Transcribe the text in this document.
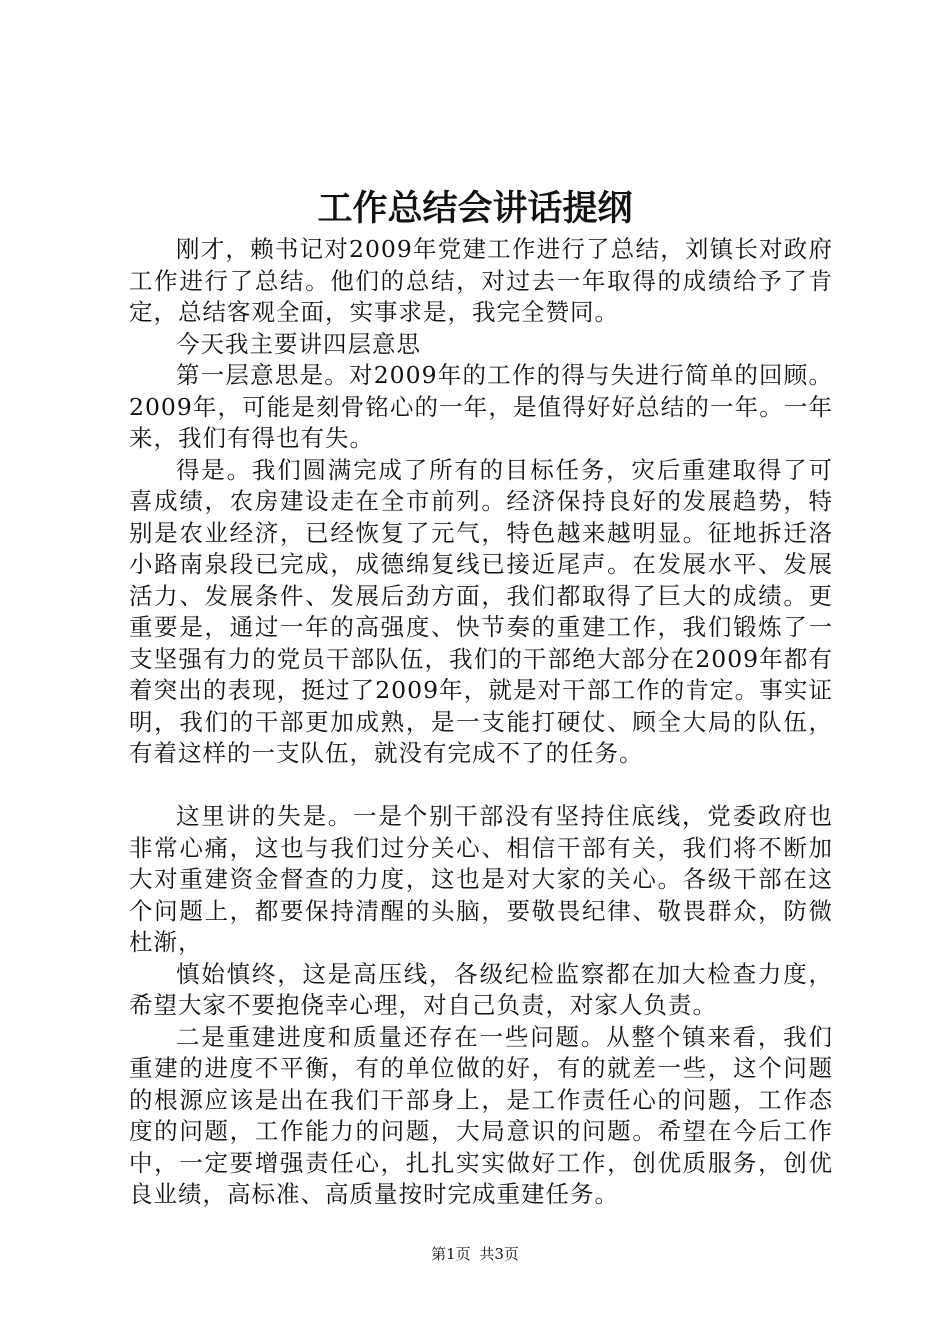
工作总结会讲话提纲

刚才，赖书记对2009年党建工作进行了总结，刘镇长对政府工作进行了总结。他们的总结，对过去一年取得的成绩给予了肯定，总结客观全面，实事求是，我完全赞同。

今天我主要讲四层意思

第一层意思是。对2009年的工作的得与失进行简单的回顾。2009年，可能是刻骨铭心的一年，是值得好好总结的一年。一年来，我们有得也有失。

得是。我们圆满完成了所有的目标任务，灾后重建取得了可喜成绩，农房建设走在全市前列。经济保持良好的发展趋势，特别是农业经济，已经恢复了元气，特色越来越明显。征地拆迁洛小路南泉段已完成，成德绵复线已接近尾声。在发展水平、发展活力、发展条件、发展后劲方面，我们都取得了巨大的成绩。更重要是，通过一年的高强度、快节奏的重建工作，我们锻炼了一支坚强有力的党员干部队伍，我们的干部绝大部分在2009年都有着突出的表现，挺过了2009年，就是对干部工作的肯定。事实证明，我们的干部更加成熟，是一支能打硬仗、顾全大局的队伍，有着这样的一支队伍，就没有完成不了的任务。

这里讲的失是。一是个别干部没有坚持住底线，党委政府也非常心痛，这也与我们过分关心、相信干部有关，我们将不断加大对重建资金督查的力度，这也是对大家的关心。各级干部在这个问题上，都要保持清醒的头脑，要敬畏纪律、敬畏群众，防微杜渐，

慎始慎终，这是高压线，各级纪检监察都在加大检查力度，希望大家不要抱侥幸心理，对自己负责，对家人负责。

二是重建进度和质量还存在一些问题。从整个镇来看，我们重建的进度不平衡，有的单位做的好，有的就差一些，这个问题的根源应该是出在我们干部身上，是工作责任心的问题，工作态度的问题，工作能力的问题，大局意识的问题。希望在今后工作中，一定要增强责任心，扎扎实实做好工作，创优质服务，创优良业绩，高标准、高质量按时完成重建任务。

第1页 共3页
